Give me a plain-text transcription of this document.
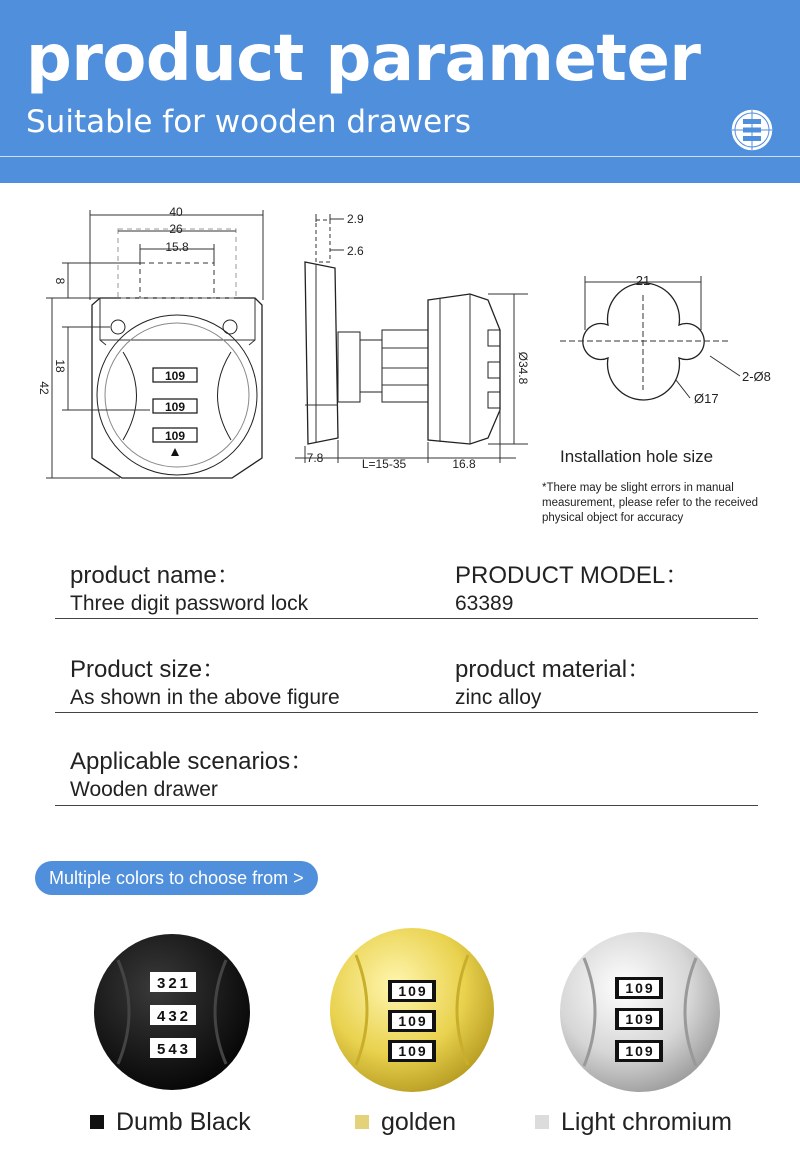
product parameter
Suitable for wooden drawers
109
109
109
40
26
15.8
8
18
42
2.9
2.6
Ø34.8
7.8	L=15-35	16.8
21
2-Ø8
Ø17
Installation hole size
*There may be slight errors in manual measurement, please refer to the received physical object for accuracy
product name：
Three digit password lock
PRODUCT MODEL：
63389
Product size：
As shown in the above figure
product material：
zinc alloy
Applicable scenarios：
Wooden drawer
Multiple colors to choose from >
321
432
543
109
109
109
109
109
109
Dumb Black	golden	Light chromium
